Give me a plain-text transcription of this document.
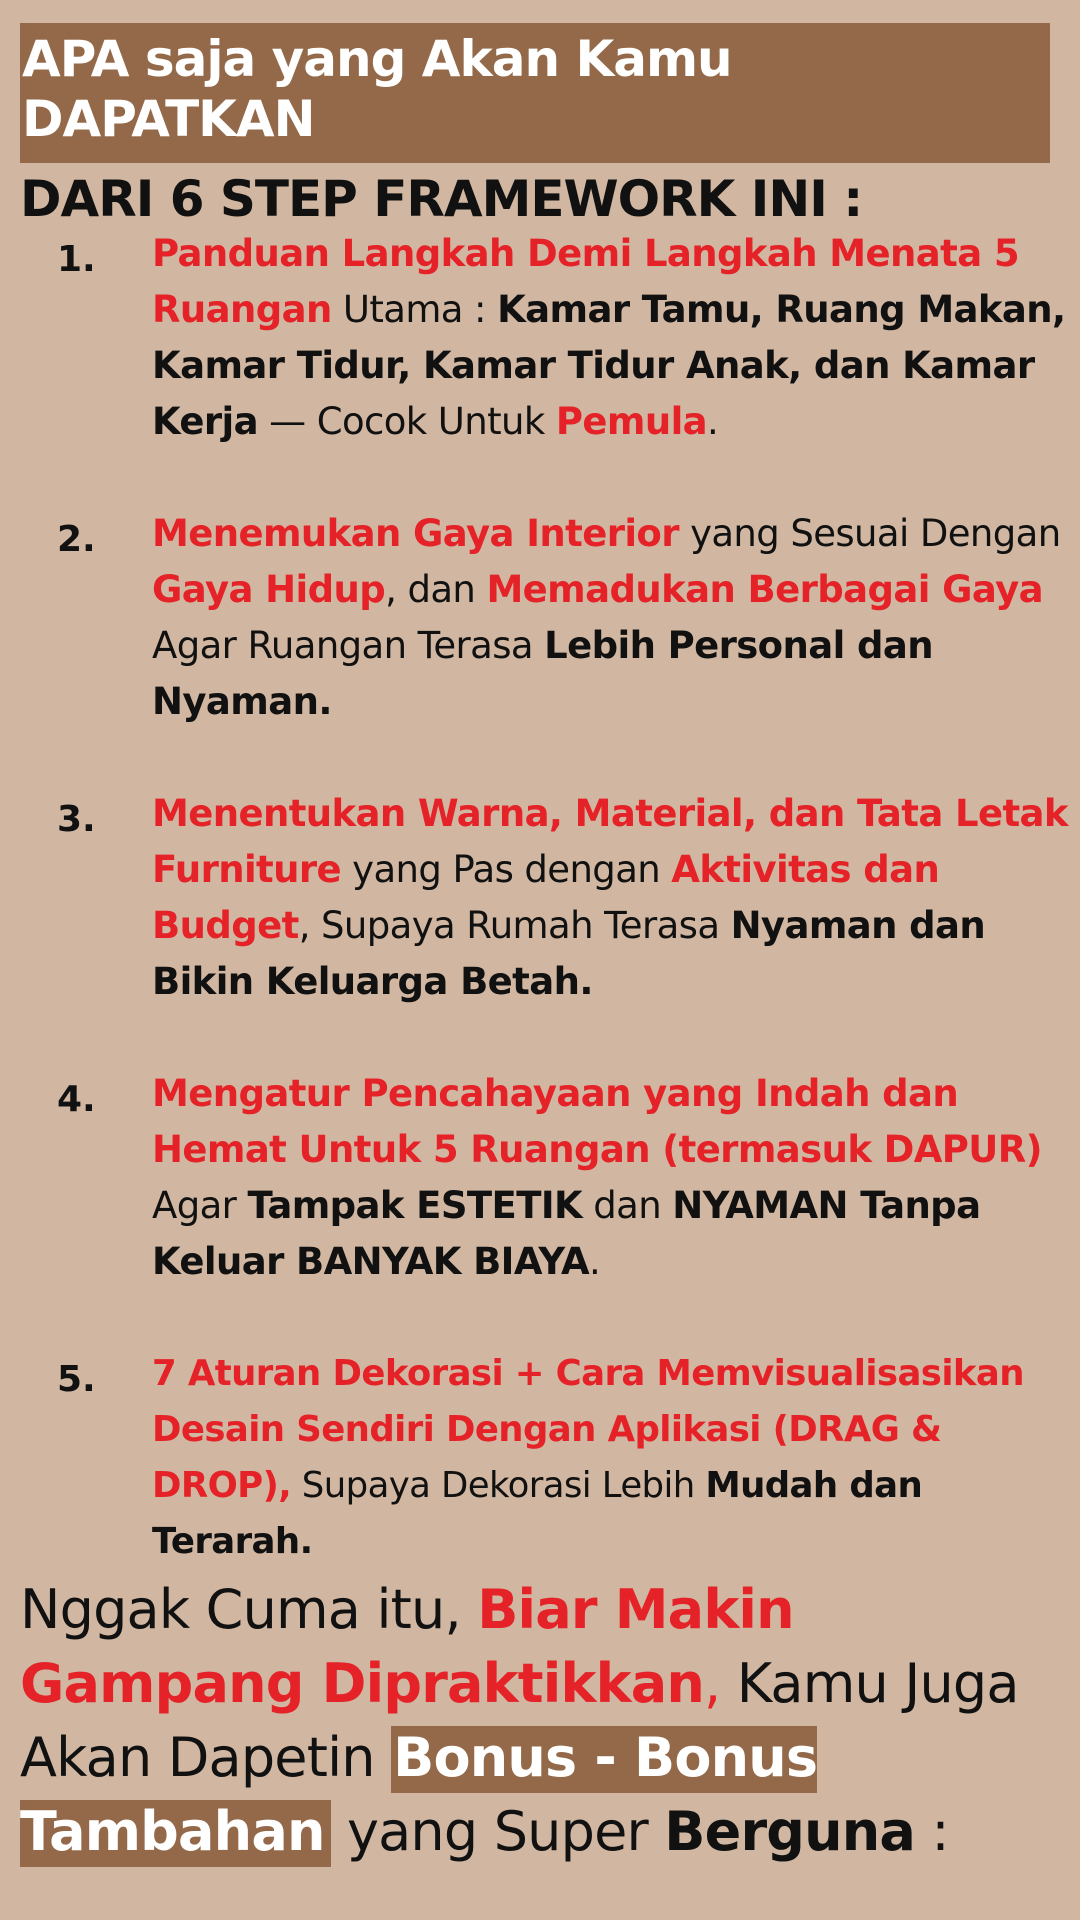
APA saja yang Akan Kamu DAPATKAN
DARI 6 STEP FRAMEWORK INI :
1. Panduan Langkah Demi Langkah Menata 5 Ruangan Utama : Kamar Tamu, Ruang Makan, Kamar Tidur, Kamar Tidur Anak, dan Kamar Kerja — Cocok Untuk Pemula.
2. Menemukan Gaya Interior yang Sesuai Dengan Gaya Hidup, dan Memadukan Berbagai Gaya Agar Ruangan Terasa Lebih Personal dan Nyaman.
3. Menentukan Warna, Material, dan Tata Letak Furniture yang Pas dengan Aktivitas dan Budget, Supaya Rumah Terasa Nyaman dan Bikin Keluarga Betah.
4. Mengatur Pencahayaan yang Indah dan Hemat Untuk 5 Ruangan (termasuk DAPUR) Agar Tampak ESTETIK dan NYAMAN Tanpa Keluar BANYAK BIAYA.
5. 7 Aturan Dekorasi + Cara Memvisualisasikan Desain Sendiri Dengan Aplikasi (DRAG & DROP), Supaya Dekorasi Lebih Mudah dan Terarah.
Nggak Cuma itu, Biar Makin Gampang Dipraktikkan, Kamu Juga Akan Dapetin Bonus - Bonus Tambahan yang Super Berguna :
